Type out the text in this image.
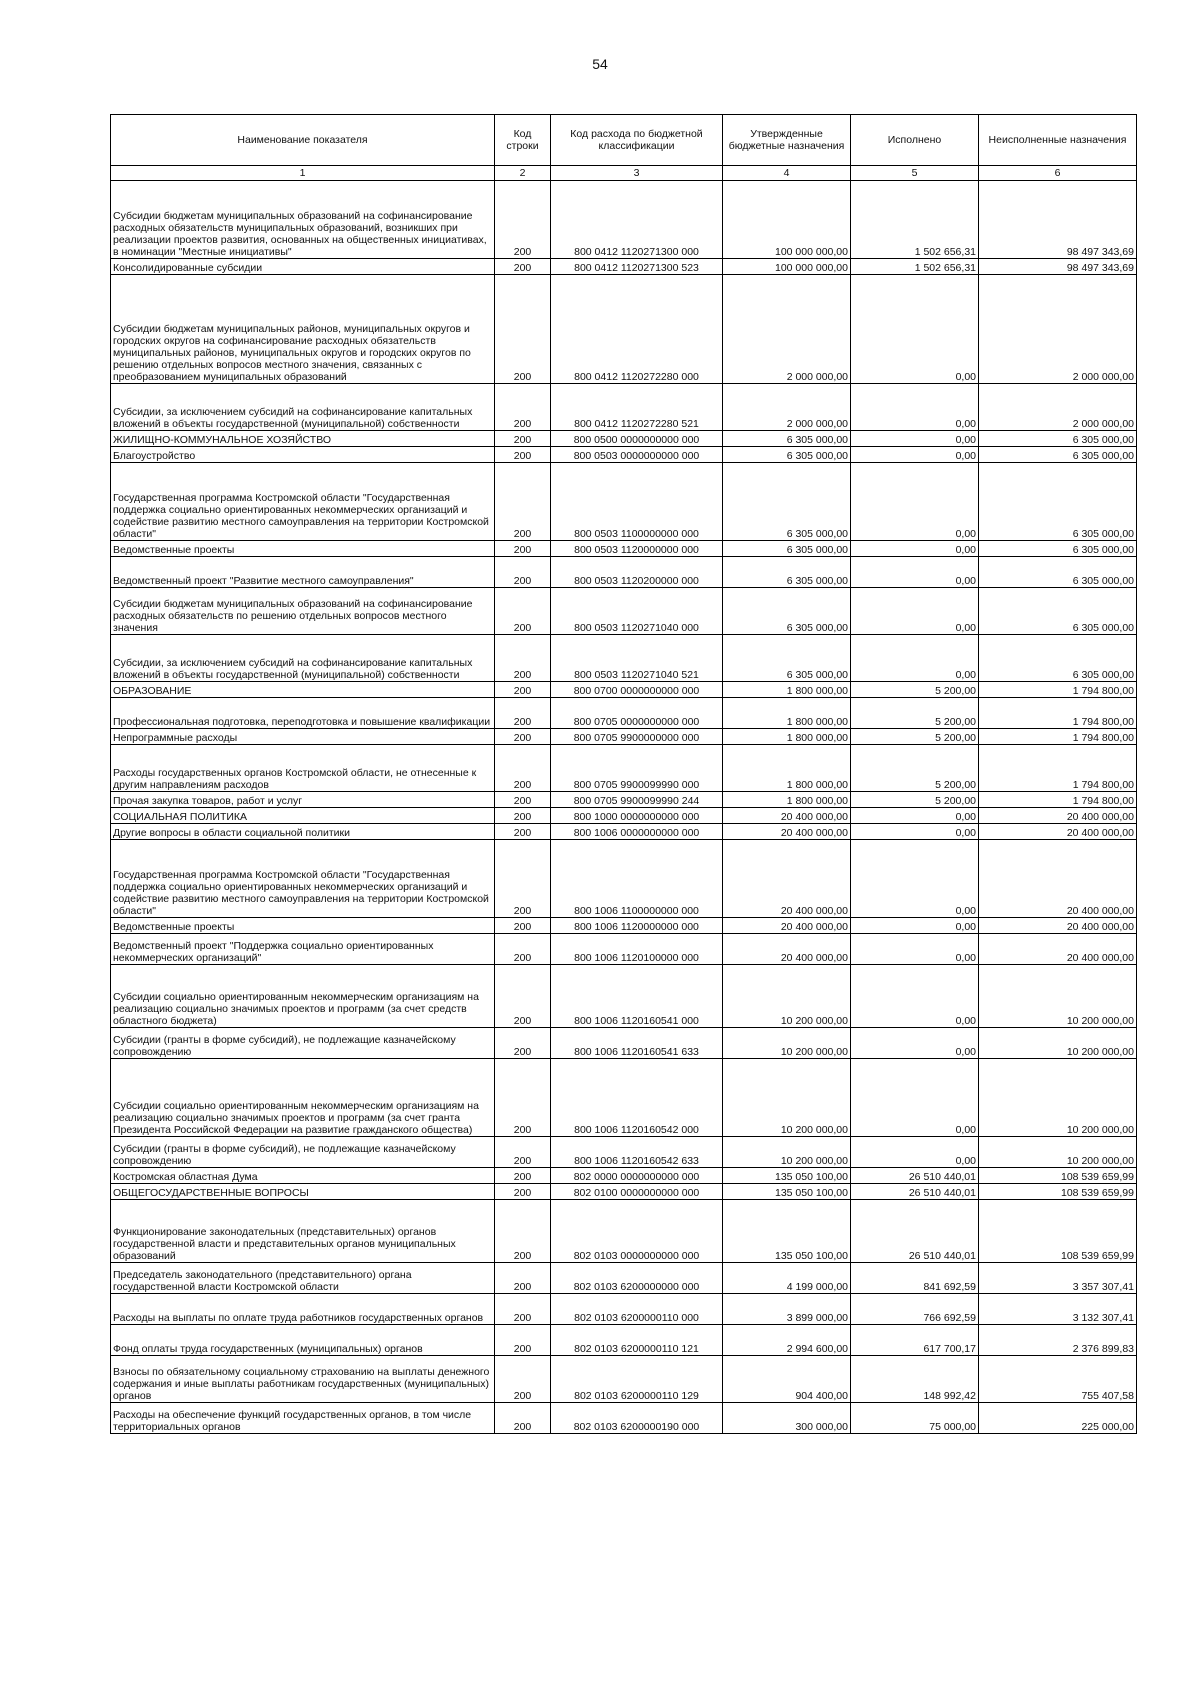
54
Наименование показателя	Код строки	Код расхода по бюджетной классификации	Утвержденные бюджетные назначения	Исполнено	Неисполненные назначения
1	2	3	4	5	6
Субсидии бюджетам муниципальных образований на софинансирование расходных обязательств муниципальных образований, возникших при реализации проектов развития, основанных на общественных инициативах, в номинации "Местные инициативы"	200	800 0412 1120271300 000	100 000 000,00	1 502 656,31	98 497 343,69
Консолидированные субсидии	200	800 0412 1120271300 523	100 000 000,00	1 502 656,31	98 497 343,69
Субсидии бюджетам муниципальных районов, муниципальных округов и городских округов на софинансирование расходных обязательств муниципальных районов, муниципальных округов и городских округов по решению отдельных вопросов местного значения, связанных с преобразованием муниципальных образований	200	800 0412 1120272280 000	2 000 000,00	0,00	2 000 000,00
Субсидии, за исключением субсидий на софинансирование капитальных вложений в объекты государственной (муниципальной) собственности	200	800 0412 1120272280 521	2 000 000,00	0,00	2 000 000,00
ЖИЛИЩНО-КОММУНАЛЬНОЕ ХОЗЯЙСТВО	200	800 0500 0000000000 000	6 305 000,00	0,00	6 305 000,00
Благоустройство	200	800 0503 0000000000 000	6 305 000,00	0,00	6 305 000,00
Государственная программа Костромской области "Государственная поддержка социально ориентированных некоммерческих организаций и содействие развитию местного самоуправления на территории Костромской области"	200	800 0503 1100000000 000	6 305 000,00	0,00	6 305 000,00
Ведомственные проекты	200	800 0503 1120000000 000	6 305 000,00	0,00	6 305 000,00
Ведомственный проект "Развитие местного самоуправления"	200	800 0503 1120200000 000	6 305 000,00	0,00	6 305 000,00
Субсидии бюджетам муниципальных образований на софинансирование расходных обязательств по решению отдельных вопросов местного значения	200	800 0503 1120271040 000	6 305 000,00	0,00	6 305 000,00
Субсидии, за исключением субсидий на софинансирование капитальных вложений в объекты государственной (муниципальной) собственности	200	800 0503 1120271040 521	6 305 000,00	0,00	6 305 000,00
ОБРАЗОВАНИЕ	200	800 0700 0000000000 000	1 800 000,00	5 200,00	1 794 800,00
Профессиональная подготовка, переподготовка и повышение квалификации	200	800 0705 0000000000 000	1 800 000,00	5 200,00	1 794 800,00
Непрограммные расходы	200	800 0705 9900000000 000	1 800 000,00	5 200,00	1 794 800,00
Расходы государственных органов Костромской области, не отнесенные к другим направлениям расходов	200	800 0705 9900099990 000	1 800 000,00	5 200,00	1 794 800,00
Прочая закупка товаров, работ и услуг	200	800 0705 9900099990 244	1 800 000,00	5 200,00	1 794 800,00
СОЦИАЛЬНАЯ ПОЛИТИКА	200	800 1000 0000000000 000	20 400 000,00	0,00	20 400 000,00
Другие вопросы в области социальной политики	200	800 1006 0000000000 000	20 400 000,00	0,00	20 400 000,00
Государственная программа Костромской области "Государственная поддержка социально ориентированных некоммерческих организаций и содействие развитию местного самоуправления на территории Костромской области"	200	800 1006 1100000000 000	20 400 000,00	0,00	20 400 000,00
Ведомственные проекты	200	800 1006 1120000000 000	20 400 000,00	0,00	20 400 000,00
Ведомственный проект "Поддержка социально ориентированных некоммерческих организаций"	200	800 1006 1120100000 000	20 400 000,00	0,00	20 400 000,00
Субсидии социально ориентированным некоммерческим организациям на реализацию социально значимых проектов и программ (за счет средств областного бюджета)	200	800 1006 1120160541 000	10 200 000,00	0,00	10 200 000,00
Субсидии (гранты в форме субсидий), не подлежащие казначейскому сопровождению	200	800 1006 1120160541 633	10 200 000,00	0,00	10 200 000,00
Субсидии социально ориентированным некоммерческим организациям на реализацию социально значимых проектов и программ (за счет гранта Президента Российской Федерации на развитие гражданского общества)	200	800 1006 1120160542 000	10 200 000,00	0,00	10 200 000,00
Субсидии (гранты в форме субсидий), не подлежащие казначейскому сопровождению	200	800 1006 1120160542 633	10 200 000,00	0,00	10 200 000,00
Костромская областная Дума	200	802 0000 0000000000 000	135 050 100,00	26 510 440,01	108 539 659,99
ОБЩЕГОСУДАРСТВЕННЫЕ ВОПРОСЫ	200	802 0100 0000000000 000	135 050 100,00	26 510 440,01	108 539 659,99
Функционирование законодательных (представительных) органов государственной власти и представительных органов муниципальных образований	200	802 0103 0000000000 000	135 050 100,00	26 510 440,01	108 539 659,99
Председатель законодательного (представительного) органа государственной власти Костромской области	200	802 0103 6200000000 000	4 199 000,00	841 692,59	3 357 307,41
Расходы на выплаты по оплате труда работников государственных органов	200	802 0103 6200000110 000	3 899 000,00	766 692,59	3 132 307,41
Фонд оплаты труда государственных (муниципальных) органов	200	802 0103 6200000110 121	2 994 600,00	617 700,17	2 376 899,83
Взносы по обязательному социальному страхованию на выплаты денежного содержания и иные выплаты работникам государственных (муниципальных) органов	200	802 0103 6200000110 129	904 400,00	148 992,42	755 407,58
Расходы на обеспечение функций государственных органов, в том числе территориальных органов	200	802 0103 6200000190 000	300 000,00	75 000,00	225 000,00
